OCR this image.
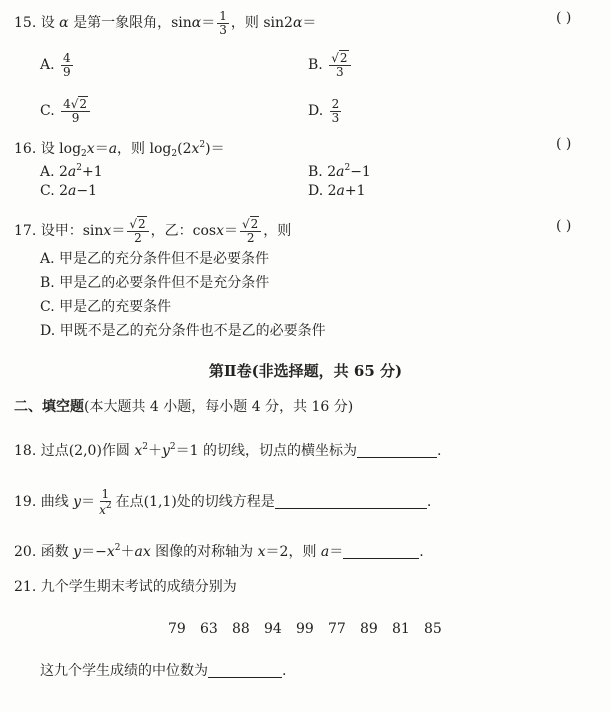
15. 设 α 是第一象限角，$\sin\alpha= \frac{1}{3}$ ，则 sin2α＝	( )
A. $\frac{4}{9}$	B. $\frac{√2}{3}$
C. $\frac{4√2}{9}$	D. $\frac{2}{3}$
16. 设 $\log_2x=a$，则 $\log_2(2x^2)=$	( )
A. $2a^2+1$	B. $2a^2-1$
C. 2a−1	D. 2a+1
17. 设甲：$\sin x= \frac{√2}{2}$ ，乙：$\cos x= \frac{√2}{2}$ ，则	( )
A. 甲是乙的充分条件但不是必要条件
B. 甲是乙的必要条件但不是充分条件
C. 甲是乙的充要条件
D. 甲既不是乙的充分条件也不是乙的必要条件
第Ⅱ卷(非选择题，共 65 分)
二、填空题(本大题共 4 小题，每小题 4 分，共 16 分)
18. 过点(2,0)作圆 $x^2+y^2=1$ 的切线，切点的横坐标为	.
19. 曲线 $y= \frac{1}{x^2}$ 在点(1,1)处的切线方程是	.
20. 函数 $y=-x^2+ax$ 图像的对称轴为 x＝2，则 a＝	.
21. 九个学生期末考试的成绩分别为
79	63	88	94	99	77	89	81	85
这九个学生成绩的中位数为	.
